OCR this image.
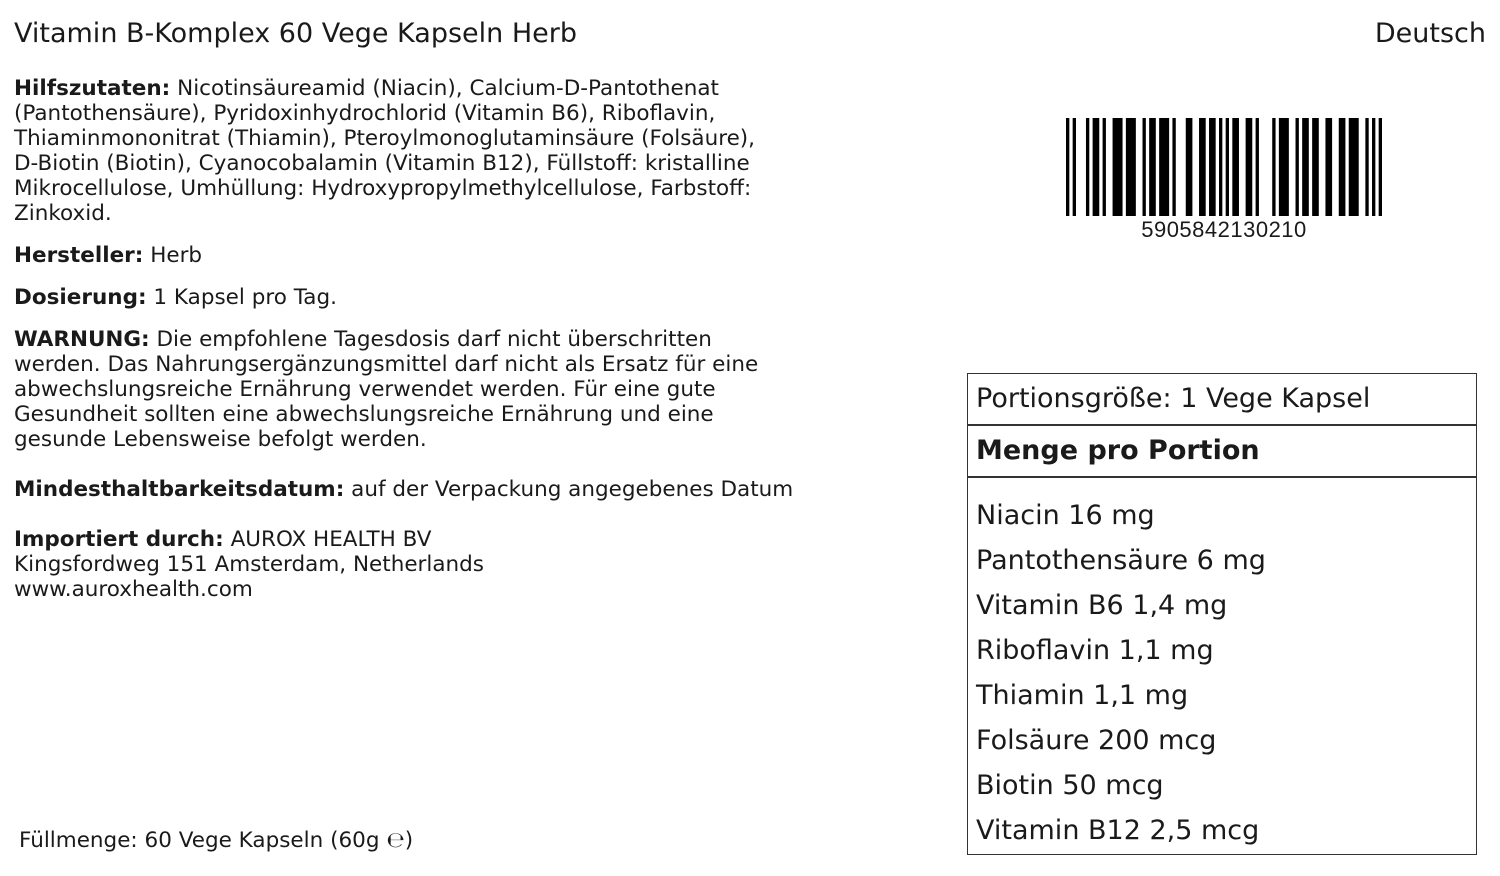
Vitamin B-Komplex 60 Vege Kapseln Herb	Deutsch

Hilfszutaten: Nicotinsäureamid (Niacin), Calcium-D-Pantothenat
(Pantothensäure), Pyridoxinhydrochlorid (Vitamin B6), Riboflavin,
Thiaminmononitrat (Thiamin), Pteroylmonoglutaminsäure (Folsäure),
D-Biotin (Biotin), Cyanocobalamin (Vitamin B12), Füllstoff: kristalline
Mikrocellulose, Umhüllung: Hydroxypropylmethylcellulose, Farbstoff:
Zinkoxid.

Hersteller: Herb

Dosierung: 1 Kapsel pro Tag.

WARNUNG: Die empfohlene Tagesdosis darf nicht überschritten
werden. Das Nahrungsergänzungsmittel darf nicht als Ersatz für eine
abwechslungsreiche Ernährung verwendet werden. Für eine gute
Gesundheit sollten eine abwechslungsreiche Ernährung und eine
gesunde Lebensweise befolgt werden.

Mindesthaltbarkeitsdatum: auf der Verpackung angegebenes Datum

Importiert durch: AUROX HEALTH BV
Kingsfordweg 151 Amsterdam, Netherlands
www.auroxhealth.com

Füllmenge: 60 Vege Kapseln (60g ℮)
5905842130210
Portionsgröße: 1 Vege Kapsel
Menge pro Portion
Niacin 16 mg
Pantothensäure 6 mg
Vitamin B6 1,4 mg
Riboflavin 1,1 mg
Thiamin 1,1 mg
Folsäure 200 mcg
Biotin 50 mcg
Vitamin B12 2,5 mcg
